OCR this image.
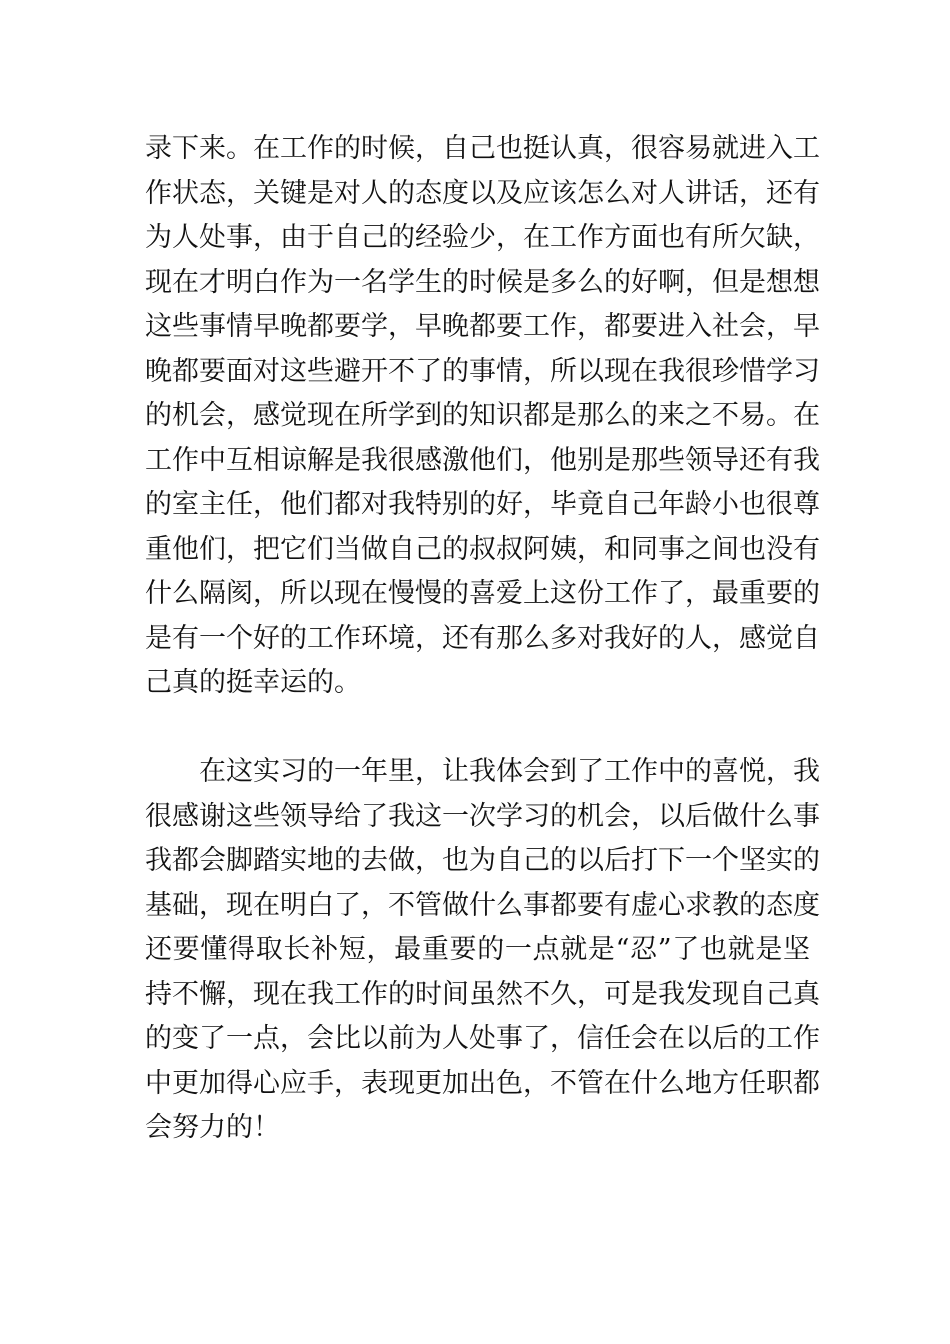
录下来。在工作的时候，自己也挺认真，很容易就进入工
作状态，关键是对人的态度以及应该怎么对人讲话，还有
为人处事，由于自己的经验少，在工作方面也有所欠缺，
现在才明白作为一名学生的时候是多么的好啊，但是想想
这些事情早晚都要学，早晚都要工作，都要进入社会，早
晚都要面对这些避开不了的事情，所以现在我很珍惜学习
的机会，感觉现在所学到的知识都是那么的来之不易。在
工作中互相谅解是我很感激他们，他别是那些领导还有我
的室主任，他们都对我特别的好，毕竟自己年龄小也很尊
重他们，把它们当做自己的叔叔阿姨，和同事之间也没有
什么隔阂，所以现在慢慢的喜爱上这份工作了，最重要的
是有一个好的工作环境，还有那么多对我好的人，感觉自
己真的挺幸运的。
在这实习的一年里，让我体会到了工作中的喜悦，我
很感谢这些领导给了我这一次学习的机会，以后做什么事
我都会脚踏实地的去做，也为自己的以后打下一个坚实的
基础，现在明白了，不管做什么事都要有虚心求教的态度
还要懂得取长补短，最重要的一点就是“忍”了也就是坚
持不懈，现在我工作的时间虽然不久，可是我发现自己真
的变了一点，会比以前为人处事了，信任会在以后的工作
中更加得心应手，表现更加出色，不管在什么地方任职都
会努力的！
